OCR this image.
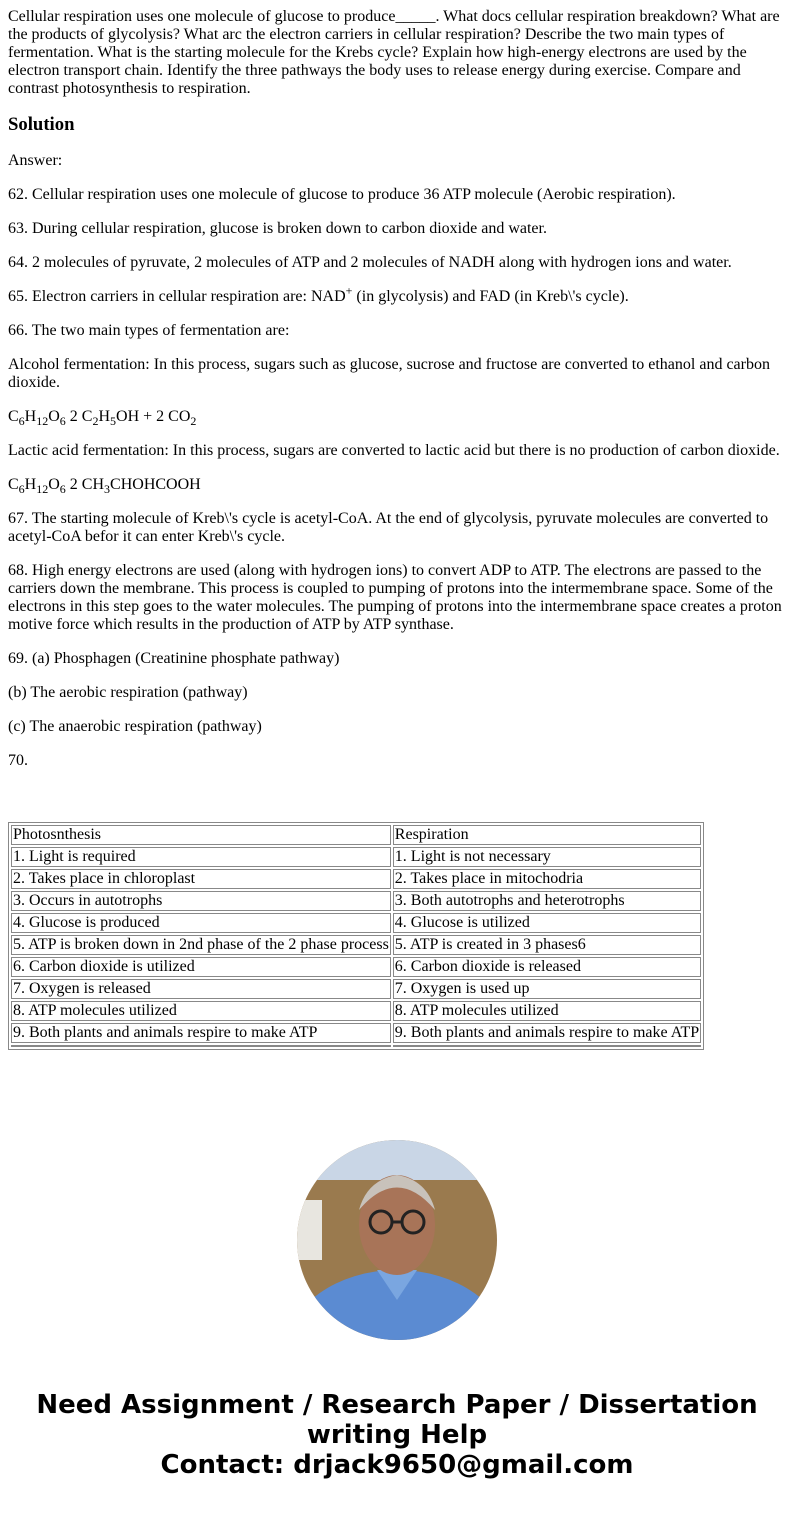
Cellular respiration uses one molecule of glucose to produce_____. What docs cellular respiration breakdown? What are the products of glycolysis? What arc the electron carriers in cellular respiration? Describe the two main types of fermentation. What is the starting molecule for the Krebs cycle? Explain how high-energy electrons are used by the electron transport chain. Identify the three pathways the body uses to release energy during exercise. Compare and contrast photosynthesis to respiration.

Solution

Answer:

62. Cellular respiration uses one molecule of glucose to produce 36 ATP molecule (Aerobic respiration).

63. During cellular respiration, glucose is broken down to carbon dioxide and water.

64. 2 molecules of pyruvate, 2 molecules of ATP and 2 molecules of NADH along with hydrogen ions and water.

65. Electron carriers in cellular respiration are: NAD+ (in glycolysis) and FAD (in Kreb\'s cycle).

66. The two main types of fermentation are:

Alcohol fermentation: In this process, sugars such as glucose, sucrose and fructose are converted to ethanol and carbon dioxide.

$C_6H_{12}O_6$ 2 $C_2H_5OH + 2$ $CO_2$

Lactic acid fermentation: In this process, sugars are converted to lactic acid but there is no production of carbon dioxide.

$C_6H_{12}O_6$ 2 $CH_3CHOHCOOH$

67. The starting molecule of Kreb\'s cycle is acetyl-CoA. At the end of glycolysis, pyruvate molecules are converted to acetyl-CoA befor it can enter Kreb\'s cycle.

68. High energy electrons are used (along with hydrogen ions) to convert ADP to ATP. The electrons are passed to the carriers down the membrane. This process is coupled to pumping of protons into the intermembrane space. Some of the electrons in this step goes to the water molecules. The pumping of protons into the intermembrane space creates a proton motive force which results in the production of ATP by ATP synthase.

69. (a) Phosphagen (Creatinine phosphate pathway)

(b) The aerobic respiration (pathway)

(c) The anaerobic respiration (pathway)

70.

Photosnthesis	Respiration
1. Light is required	1. Light is not necessary
2. Takes place in chloroplast	2. Takes place in mitochodria
3. Occurs in autotrophs	3. Both autotrophs and heterotrophs
4. Glucose is produced	4. Glucose is utilized
5. ATP is broken down in 2nd phase of the 2 phase process	5. ATP is created in 3 phases6
6. Carbon dioxide is utilized	6. Carbon dioxide is released
7. Oxygen is released	7. Oxygen is used up
8. ATP molecules utilized	8. ATP molecules utilized
9. Both plants and animals respire to make ATP	9. Both plants and animals respire to make ATP

Need Assignment / Research Paper / Dissertation writing Help
Contact: drjack9650@gmail.com
